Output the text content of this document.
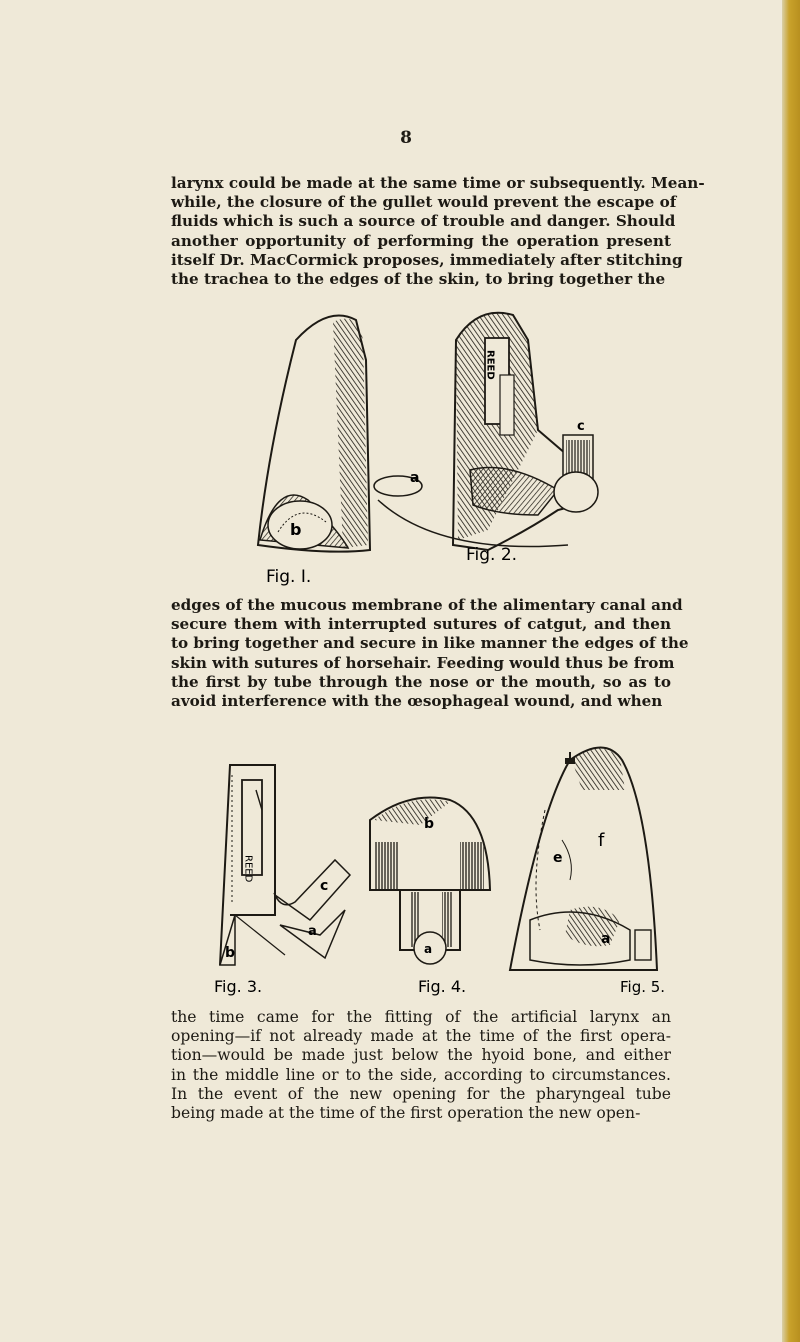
8
larynx could be made at the same time or subsequently. Mean-
while, the closure of the gullet would prevent the escape of
fluids which is such a source of trouble and danger. Should
another opportunity of performing the operation present
itself Dr. MacCormick proposes, immediately after stitching
the trachea to the edges of the skin, to bring together the
a
b
c
REED
Fig. 2.
Fig. I.
edges of the mucous membrane of the alimentary canal and
secure them with interrupted sutures of catgut, and then
to bring together and secure in like manner the edges of the
skin with sutures of horsehair. Feeding would thus be from
the first by tube through the nose or the mouth, so as to
avoid interference with the œsophageal wound, and when
REED
c
a
b
Fig. 3.
b
a
Fig. 4.
e
f
a
Fig. 5.
the time came for the fitting of the artificial larynx an
opening—if not already made at the time of the first opera-
tion—would be made just below the hyoid bone, and either
in the middle line or to the side, according to circumstances.
In the event of the new opening for the pharyngeal tube
being made at the time of the first operation the new open-
